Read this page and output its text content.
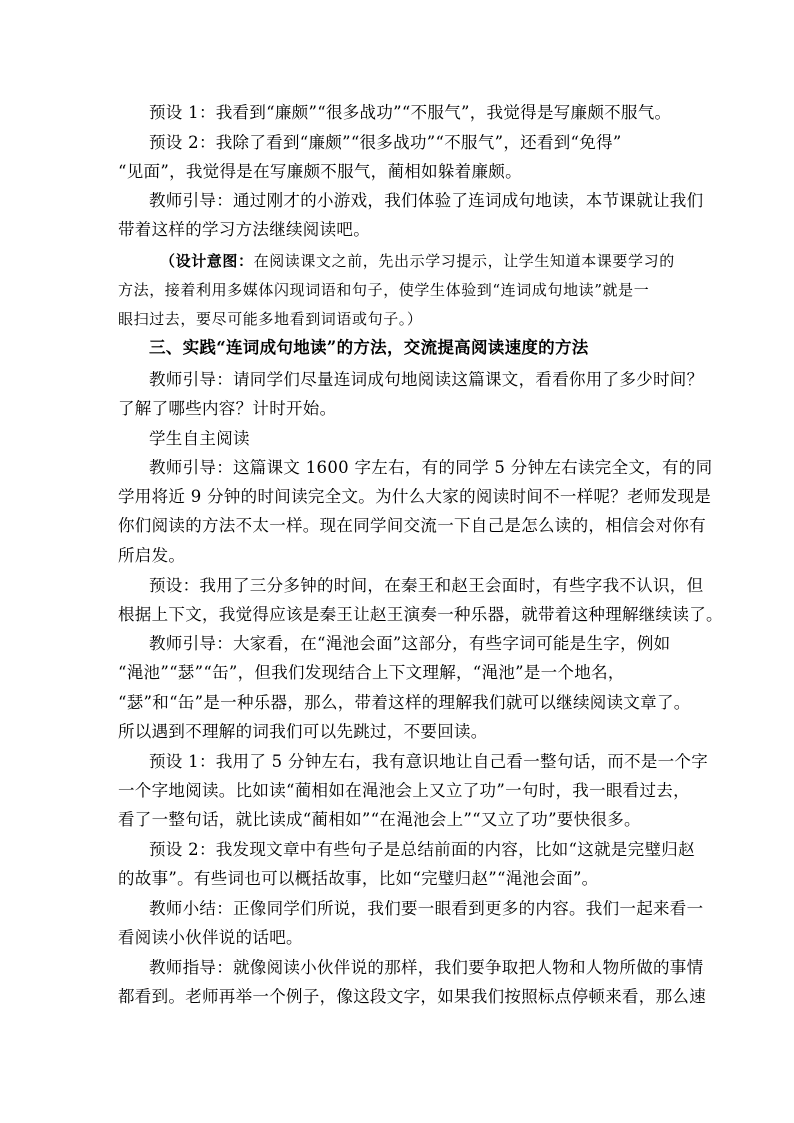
预设 1：我看到“廉颇”“很多战功”“不服气”，我觉得是写廉颇不服气。

预设 2：我除了看到“廉颇”“很多战功”“不服气”，还看到“免得”

“见面”，我觉得是在写廉颇不服气，蔺相如躲着廉颇。

教师引导：通过刚才的小游戏，我们体验了连词成句地读，本节课就让我们

带着这样的学习方法继续阅读吧。

（设计意图：在阅读课文之前，先出示学习提示，让学生知道本课要学习的

方法，接着利用多媒体闪现词语和句子，使学生体验到“连词成句地读”就是一

眼扫过去，要尽可能多地看到词语或句子。）

三、实践“连词成句地读”的方法，交流提高阅读速度的方法

教师引导：请同学们尽量连词成句地阅读这篇课文，看看你用了多少时间？

了解了哪些内容？计时开始。

学生自主阅读

教师引导：这篇课文 1600 字左右，有的同学 5 分钟左右读完全文，有的同

学用将近 9 分钟的时间读完全文。为什么大家的阅读时间不一样呢？老师发现是

你们阅读的方法不太一样。现在同学间交流一下自己是怎么读的，相信会对你有

所启发。

预设：我用了三分多钟的时间，在秦王和赵王会面时，有些字我不认识，但

根据上下文，我觉得应该是秦王让赵王演奏一种乐器，就带着这种理解继续读了。

教师引导：大家看，在“渑池会面”这部分，有些字词可能是生字，例如

“渑池”“瑟”“缶”，但我们发现结合上下文理解，“渑池”是一个地名，

“瑟”和“缶”是一种乐器，那么，带着这样的理解我们就可以继续阅读文章了。

所以遇到不理解的词我们可以先跳过，不要回读。

预设 1：我用了 5 分钟左右，我有意识地让自己看一整句话，而不是一个字

一个字地阅读。比如读“蔺相如在渑池会上又立了功”一句时，我一眼看过去，

看了一整句话，就比读成“蔺相如”“在渑池会上”“又立了功”要快很多。

预设 2：我发现文章中有些句子是总结前面的内容，比如“这就是完璧归赵

的故事”。有些词也可以概括故事，比如“完璧归赵”“渑池会面”。

教师小结：正像同学们所说，我们要一眼看到更多的内容。我们一起来看一

看阅读小伙伴说的话吧。

教师指导：就像阅读小伙伴说的那样，我们要争取把人物和人物所做的事情

都看到。老师再举一个例子，像这段文字，如果我们按照标点停顿来看，那么速
